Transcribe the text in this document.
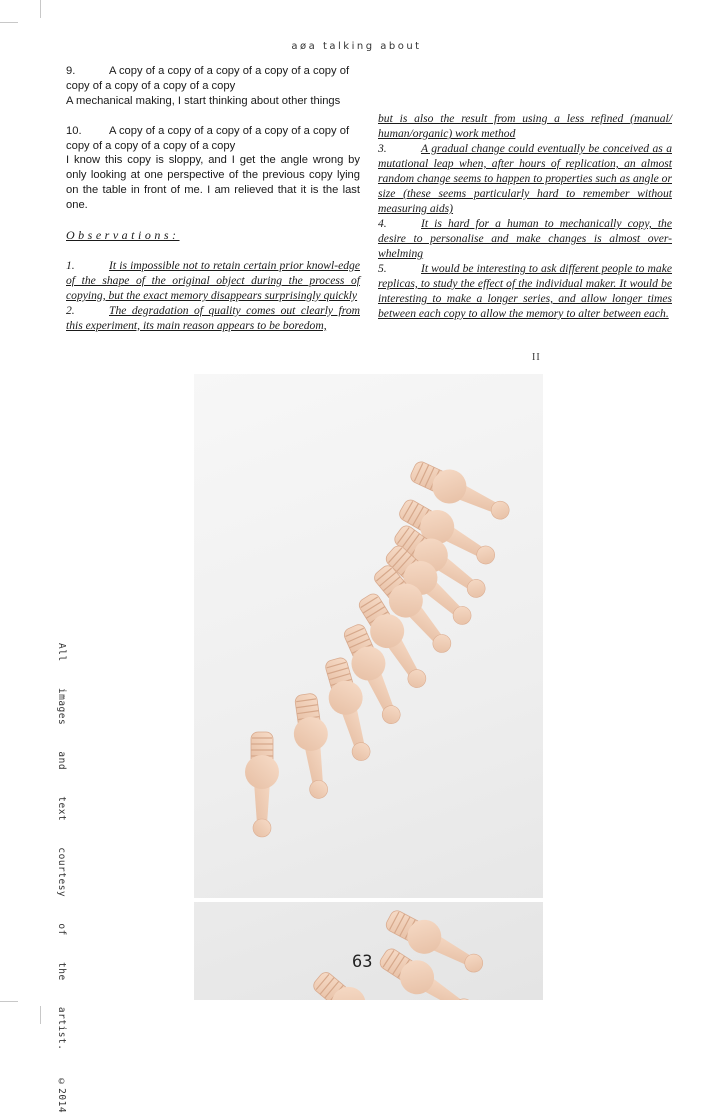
aøa talking about

9.	A copy of a copy of a copy of a copy of a copy of
copy of a copy of a copy of a copy

A mechanical making, I start thinking about other things

10. A copy of a copy of a copy of a copy of a copy of
copy of a copy of a copy of a copy

I know this copy is sloppy, and I get the angle wrong by only looking at one perspective of the previous copy lying on the table in front of me. I am relieved that it is the last one.

Observations:

1.	It is impossible not to retain certain prior knowl-edge of the shape of the original object during the process of copying, but the exact memory disappears surprisingly quickly

2.	The degradation of quality comes out clearly from this experiment, its main reason appears to be boredom,

but is also the result from using a less refined (manual/ human/organic) work method

3.	A gradual change could eventually be conceived as a mutational leap when, after hours of replication, an almost random change seems to happen to properties such as angle or size (these seems particularly hard to remember without measuring aids)

4.	It is hard for a human to mechanically copy, the desire to personalise and make changes is almost over-whelming

5.	It would be interesting to ask different people to make replicas, to study the effect of the individual maker. It would be interesting to make a longer series, and allow longer times between each copy to allow the memory to alter between each.

II
63
All images and text courtesy of the artist. ©2014
